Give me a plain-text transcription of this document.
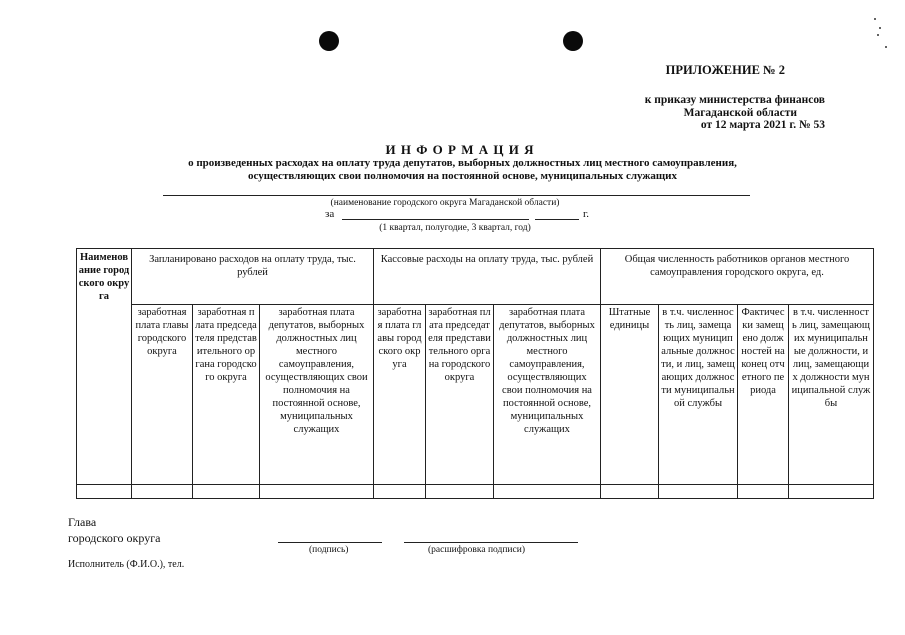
ПРИЛОЖЕНИЕ № 2
к приказу министерства финансов
Магаданской области
от 12 марта 2021 г. № 53
И Н Ф О Р М А Ц И Я
о произведенных расходах на оплату труда депутатов, выборных должностных лиц местного самоуправления,
осуществляющих свои полномочия на постоянной основе, муниципальных служащих
(наименование городского округа Магаданской области)
за	г.
(1 квартал, полугодие, 3 квартал, год)
Наименование городского округа	Запланировано расходов на оплату труда, тыс. рублей			Кассовые расходы на оплату труда, тыс. рублей			Общая численность работников органов местного самоуправления городского округа, ед.			
	заработная плата главы городского округа	заработная плата председателя представительного органа городского округа	заработная плата депутатов, выборных должностных лиц местного самоуправления, осуществляющих свои полномочия на постоянной основе, муниципальных служащих	заработная плата главы городского округа	заработная плата председателя представительного органа городского округа	заработная плата депутатов, выборных должностных лиц местного самоуправления, осуществляющих свои полномочия на постоянной основе, муниципальных служащих	Штатные единицы	в т.ч. численность лиц, замещающих муниципальные должности, и лиц, замещающих должности муниципальной службы	Фактически замещено должностей на конец отчетного периода	в т.ч. численность лиц, замещающих муниципальные должности, и лиц, замещающих должности муниципальной службы

Глава
городского округа
(подпись)	(расшифровка подписи)
Исполнитель (Ф.И.О.), тел.
